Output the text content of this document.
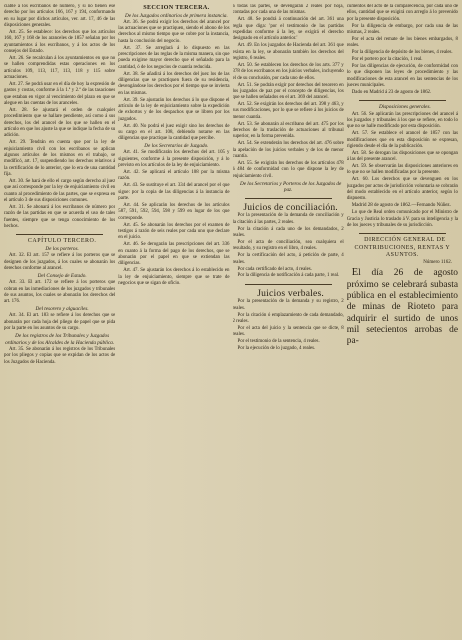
ciable á los escribanos de número, y si no tienen ese derecho por los artículos 166, 167 y 194, conformando en su lugar por dichos artículos, ver. art. 17, 46 de las disposiciones generales.

Art. 25. Se establece: los derechos que los artículos 160, 167 y 168 de los aranceles de 1857 señalan por los ayuntamientos á los escribanos, y á los actos de los consejos del Estado.

Art. 26. Se recalculan á los ayuntamientos en que no se hallen comprendidas estas operaciones en los artículos 109, 113, 117, 113, 118 y 115 sobre actuaciones.

Art. 27. Se podrá usar en el día de hoy la expresión de gastos y costas, conforme á la 1.ª y 2.ª de las tasaciones que estaban en vigor al vencimiento del plazo en que se alegue en las cuentas de los aranceles.

Art. 28. Se ajustará el orden de cualquier procedimiento que se hallare pendiente, así como á sus derechos, los del arancel de los que se hallen en el artículo en que los ajuste la que se indique la fecha de su adición.

Art. 29. Tendrán en cuenta que por la ley de enjuiciamiento civil con los escribanos se aplican algunos artículos de los mismos en el trabajo, se modificó, art. 17, suspendiendo los derechos relativos á la certificación de lo anterior, que lo era de una cantidad fija.

Art. 30. Se hará de ello el cargo según derecho al juez que así corresponde por la ley de enjuiciamiento civil en cuanto al procedimiento de las partes, que se expresa en el artículo 3 de sus disposiciones comunes.

Art. 31. Se abonará á los escribanos de número por razón de las partidas en que se acuerda el uso de tales fuentes, siempre que se tenga conocimiento de los hechos.

CAPÍTULO TERCERO.

De los porteros.

Art. 32. El art. 157 se refiere á los porteros que se designen de los juzgados, á los cuales se abonarán los derechos conforme al arancel.

Del Consejo de Estado.

Art. 33. El art. 172 se refiere á los porteros que cobran en las inmediaciones de los juzgados y tribunales de sus asuntos, los cuales se abonarán los derechos del art. 176.

Del tesorero y alguaciles.

Art. 34. El art. 183 se refiere á los derechos que se abonarán por cada hoja del pliego de papel que se pida por la parte en los asuntos de su cargo.

De los registros de los Tribunales y Juzgados ordinarios y de los Alcaldes de la Hacienda pública.

Art. 35. Se abonarán á los registros de los Tribunales por los pliegos y copias que se expidan de los actos de los Juzgados de Hacienda.

SECCION TERCERA.

De los Juzgados ordinarios de primera instancia.

Art. 36. Se podrá exigir los derechos del arancel por las actuaciones que se practiquen, siendo el abono de los derechos al mismo tiempo que se cobre por la instancia, hasta la conclusión del negocio.

Art. 37. Se arreglará á lo dispuesto en las prescripciones de las reglas de la misma manera, sin que pueda exigirse mayor derecho que el señalado para la cantidad, ó de los negocios de cuantía reducida.

Art. 38. Se añadirá á los derechos del juez los de las diligencias que se practiquen fuera de su residencia, devengándose los derechos por el tiempo que se invierta en las mismas.

Art. 39. Se ajustarán los derechos á lo que dispone el artículo de la ley de enjuiciamiento sobre la expedición de exhortos y de los despachos que se libren por los juzgados.

Art. 40. No podrá el juez exigir sino los derechos de su cargo en el art. 108, debiendo notarse en las diligencias que practique la cantidad que percibe.

De los Secretarios de Juzgado.

Art. 41. Se modificarán los derechos del art. 105 y siguientes, conforme á la presente disposición, y á lo previsto en los artículos de la ley de enjuiciamiento.

Art. 42. Se aplicará el artículo 108 por la misma razón.

Art. 43. Se sustituye el art. 334 del arancel por el que sigue: por la copia de las diligencias á la instancia de parte.

Art. 44. Se aplicarán los derechos de los artículos 587, 591, 592, 594, 598 y 599 en lugar de los que corresponde.

Art. 45. Se abonarán los derechos por el examen de testigos á razón de seis reales por cada uno que declare en el juicio.

Art. 46. Se derogarán las prescripciones del art. 336 en cuanto á la forma del pago de los derechos, que se abonarán por el papel en que se extiendan las diligencias.

Art. 47. Se ajustarán los derechos á lo establecido en la ley de enjuiciamiento, siempre que se trate de negocios que se sigan de oficio.

a todas las partes, se devengarán 2 reales por hoja, contadas por cada una de las mismas.

Art. 48. Se pondrá á continuación del art. 361 una regla que diga: 'por el testimonio de las partidas expedidas conforme á la ley, se exigirá el derecho designado en el artículo anterior.'

Art. 49. En los juzgados de Hacienda del art. 361 que exista en la ley, se abonarán también los derechos del registro, 6 reales.

Art. 50. Se establecen los derechos de los arts. 377 y 378 de los escribanos en los juicios verbales, incluyendo el de su conclusión, por cada uno de ellos.

Art. 51. Se podrán exigir por derechos del tesorero en los juzgados de paz por el concepto de diligencias, los que se hallen señalados en el art. 369 del arancel.

Art. 52. Se exigirán los derechos del art. 398 y 463, y sus modificaciones, por lo que se refiere á los juicios de menor cuantía.

Art. 53. Se abonarán al escribano del art. 475 por los derechos de la traslación de actuaciones al tribunal superior, en la forma prevenida.

Art. 54. Se extenderán los derechos del art. 476 sobre la apelación de los juicios verbales y de los de menor cuantía.

Art. 55. Se exigirán los derechos de los artículos 478 á 484 de conformidad con lo que dispone la ley de enjuiciamiento civil.

De los Secretarios y Porteros de los Juzgados de paz.

Juicios de conciliación.

Por la presentación de la demanda de conciliación y la citación á las partes, 2 reales.

Por la citación á cada uno de los demandados, 2 reales.

Por el acta de conciliación, sea cualquiera el resultado, y su registro en el libro, 4 reales.

Por la certificación del acto, á petición de parte, 4 reales.

Por cada certificado del acto, 4 reales.

Por la diligencia de notificación á cada parte, 1 real.

Juicios verbales.

Por la presentación de la demanda y su registro, 2 reales.

Por la citación ó emplazamiento de cada demandado, 2 reales.

Por el acta del juicio y la sentencia que se dicte, 8 reales.

Por el testimonio de la sentencia, 4 reales.

Por la ejecución de lo juzgado, 4 reales.

cumentos del acto de la comparecencia, por cada uno de ellos, cantidad que se exigirá con arreglo á lo prevenido por la presente disposición.

Por la diligencia de embargo, por cada una de las mismas, 2 reales.

Por el acta del remate de los bienes embargados, 8 reales.

Por la diligencia de depósito de los bienes, 4 reales.

Por el portero por la citación, 1 real.

Por las diligencias de ejecución, de conformidad con lo que disponen las leyes de procedimiento y las modificaciones de esta arancel en las sentencias de los jueces municipales.

Dado en Madrid á 23 de agosto de 1862.

Disposiciones generales.

Art. 56. Se aplicarán las prescripciones del arancel á los juzgados y tribunales á los que se refiere, en todo lo que no se halle modificado por esta disposición.

Art. 57. Se establece el arancel de 1857 con las modificaciones que en esta disposición se expresan, rigiendo desde el día de la publicación.

Art. 58. Se derogan las disposiciones que se opongan á las del presente arancel.

Art. 59. Se observarán las disposiciones anteriores en lo que no se hallen modificadas por la presente.

Art. 60. Los derechos que se devenguen en los juzgados por actos de jurisdicción voluntaria se cobrarán del modo establecido en el artículo anterior, según lo dispuesto.

Madrid 28 de agosto de 1862.—Fernando Núñez.

Lo que de Real orden comunicado por el Ministro de Gracia y Justicia lo traslado á V. para su inteligencia y la de los jueces y tribunales de su jurisdicción.

DIRECCIÓN GENERAL DE CONTRIBUCIONES, RENTAS Y ASUNTOS.

Número 1162.

El día 26 de agosto próximo se celebrará subasta pública en el establecimiento de minas de Rioteto para adquirir el surtido de unos mil setecientos arrobas de pa-
